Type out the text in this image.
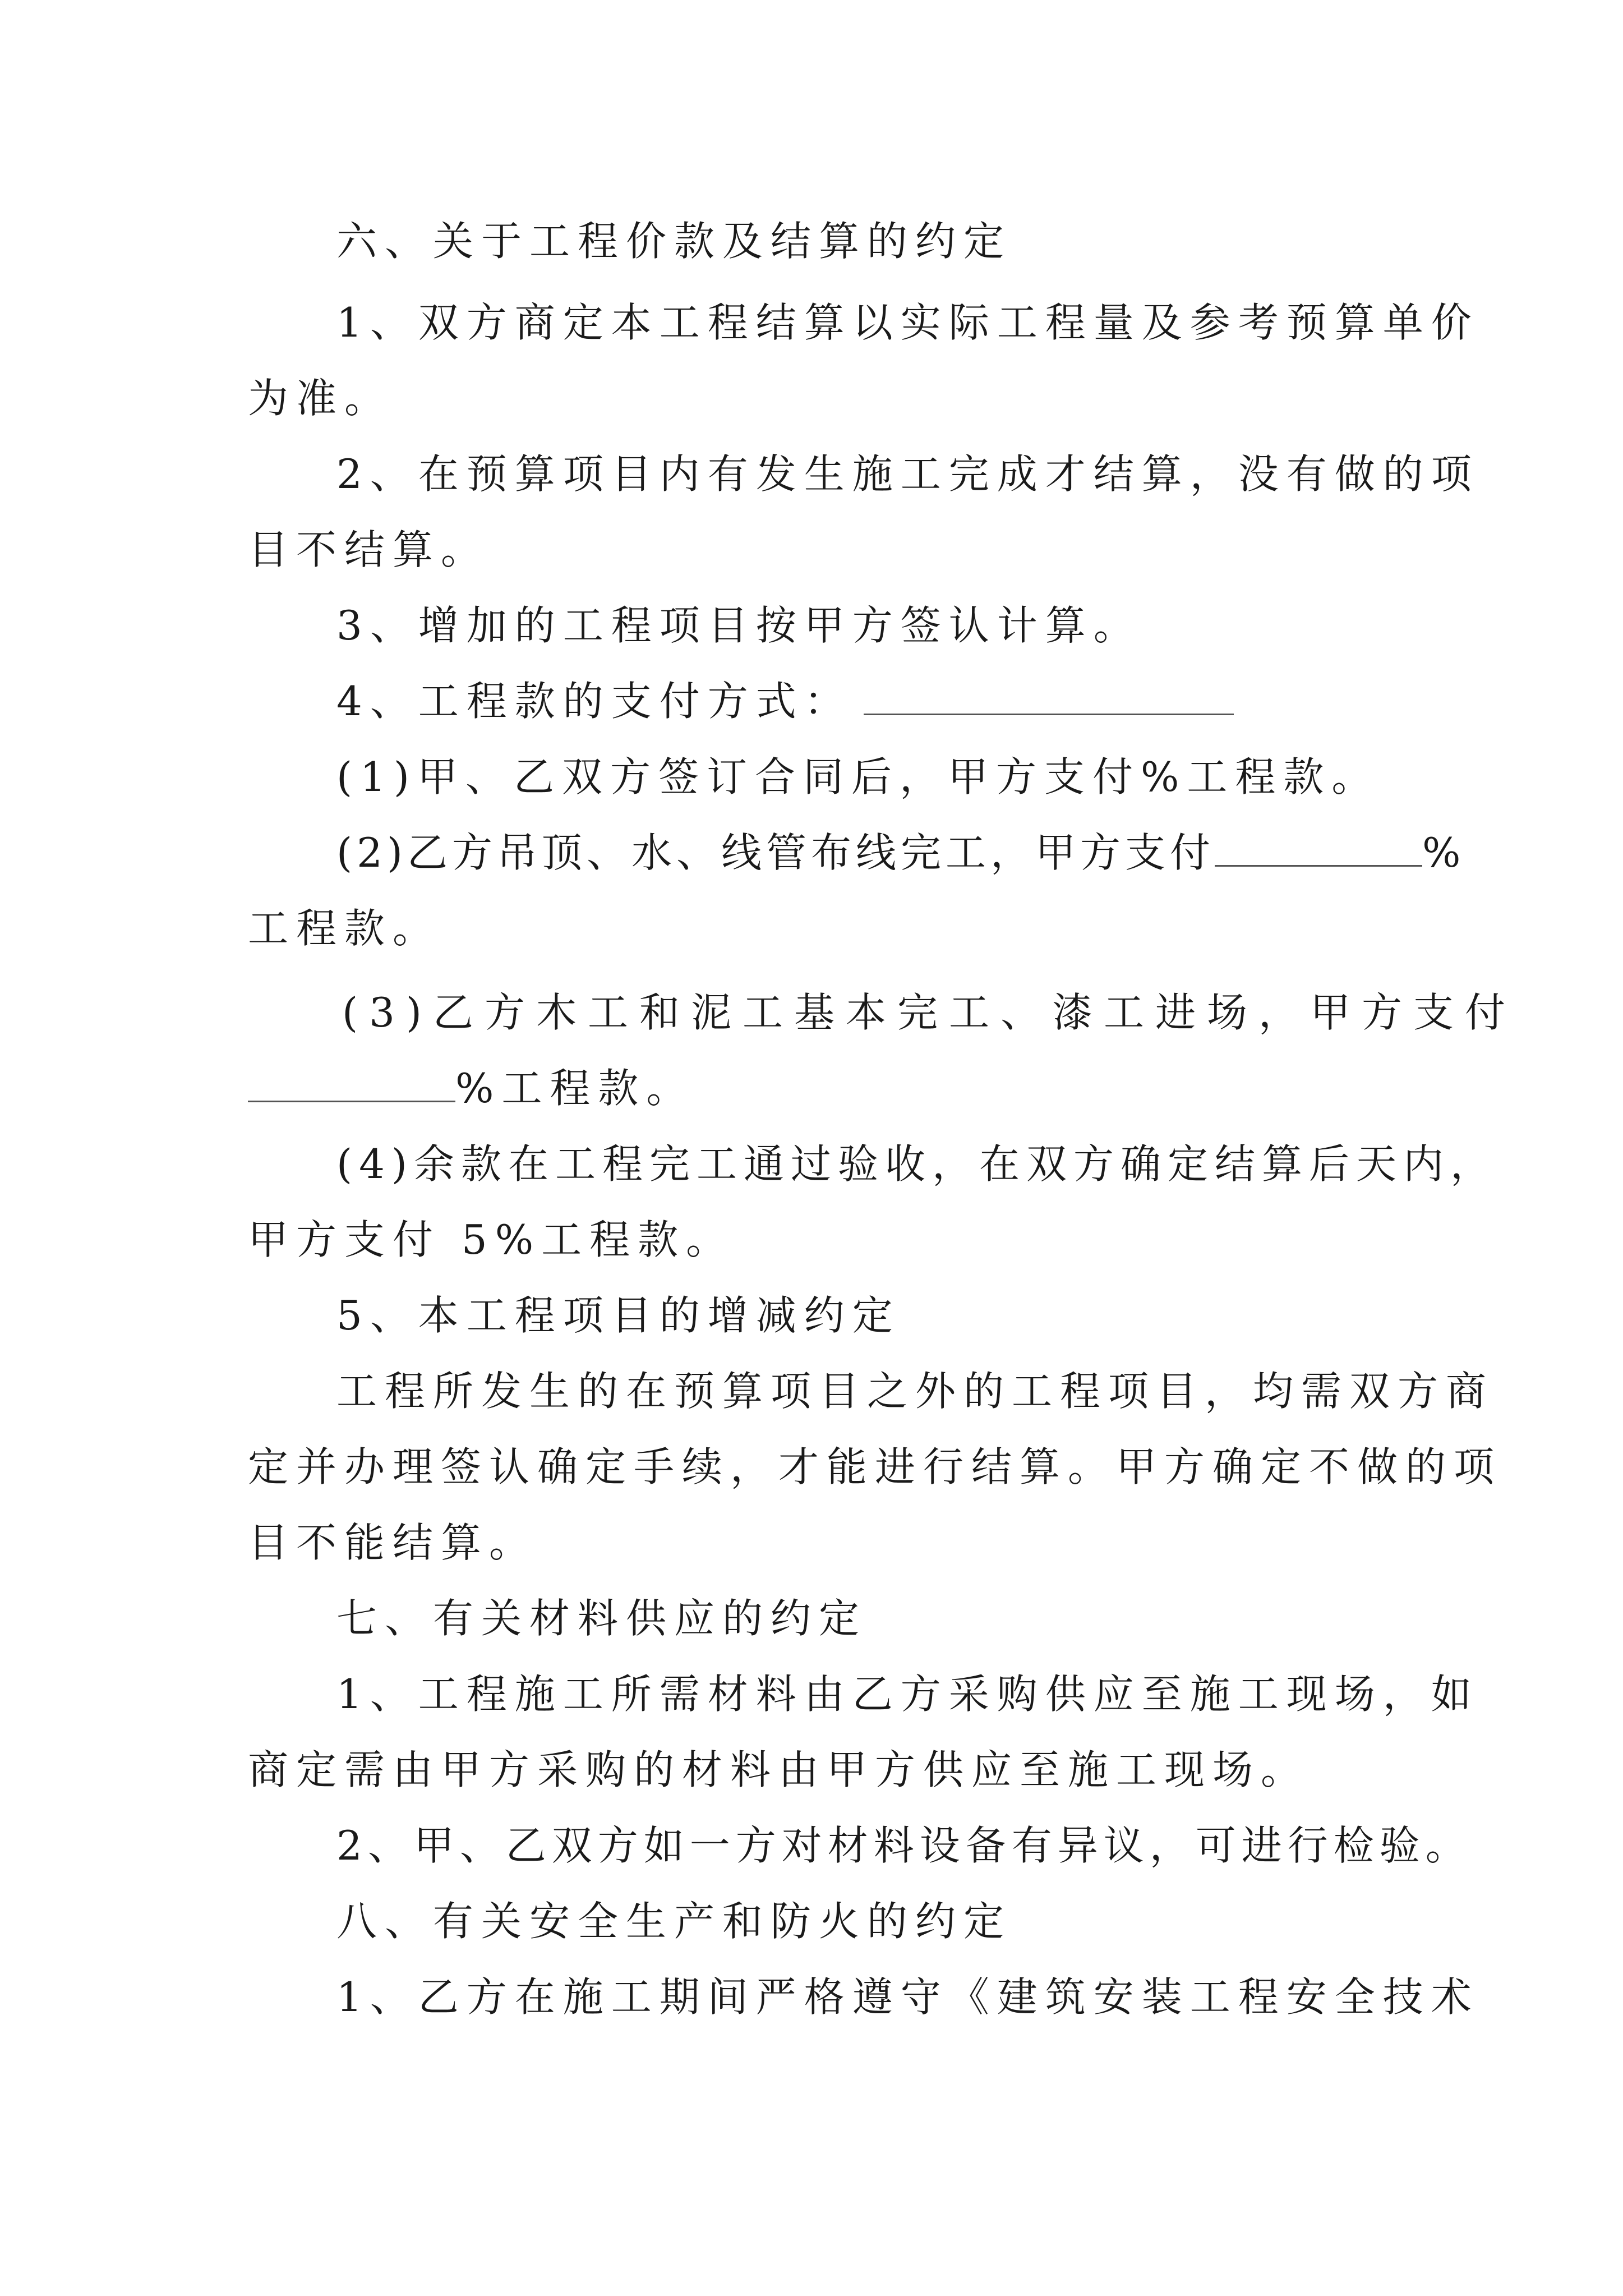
六、关于工程价款及结算的约定
1、双方商定本工程结算以实际工程量及参考预算单价
为准。
2、在预算项目内有发生施工完成才结算，没有做的项
目不结算。
3、增加的工程项目按甲方签认计算。
4、工程款的支付方式：
(1)甲、乙双方签订合同后，甲方支付%工程款。
(2)乙方吊顶、水、线管布线完工，甲方支付	%
工程款。
(3)乙方木工和泥工基本完工、漆工进场，甲方支付
%工程款。
(4)余款在工程完工通过验收，在双方确定结算后天内，
甲方支付 5%工程款。
5、本工程项目的增减约定
工程所发生的在预算项目之外的工程项目，均需双方商
定并办理签认确定手续，才能进行结算。甲方确定不做的项
目不能结算。
七、有关材料供应的约定
1、工程施工所需材料由乙方采购供应至施工现场，如
商定需由甲方采购的材料由甲方供应至施工现场。
2、甲、乙双方如一方对材料设备有异议，可进行检验。
八、有关安全生产和防火的约定
1、乙方在施工期间严格遵守《建筑安装工程安全技术
